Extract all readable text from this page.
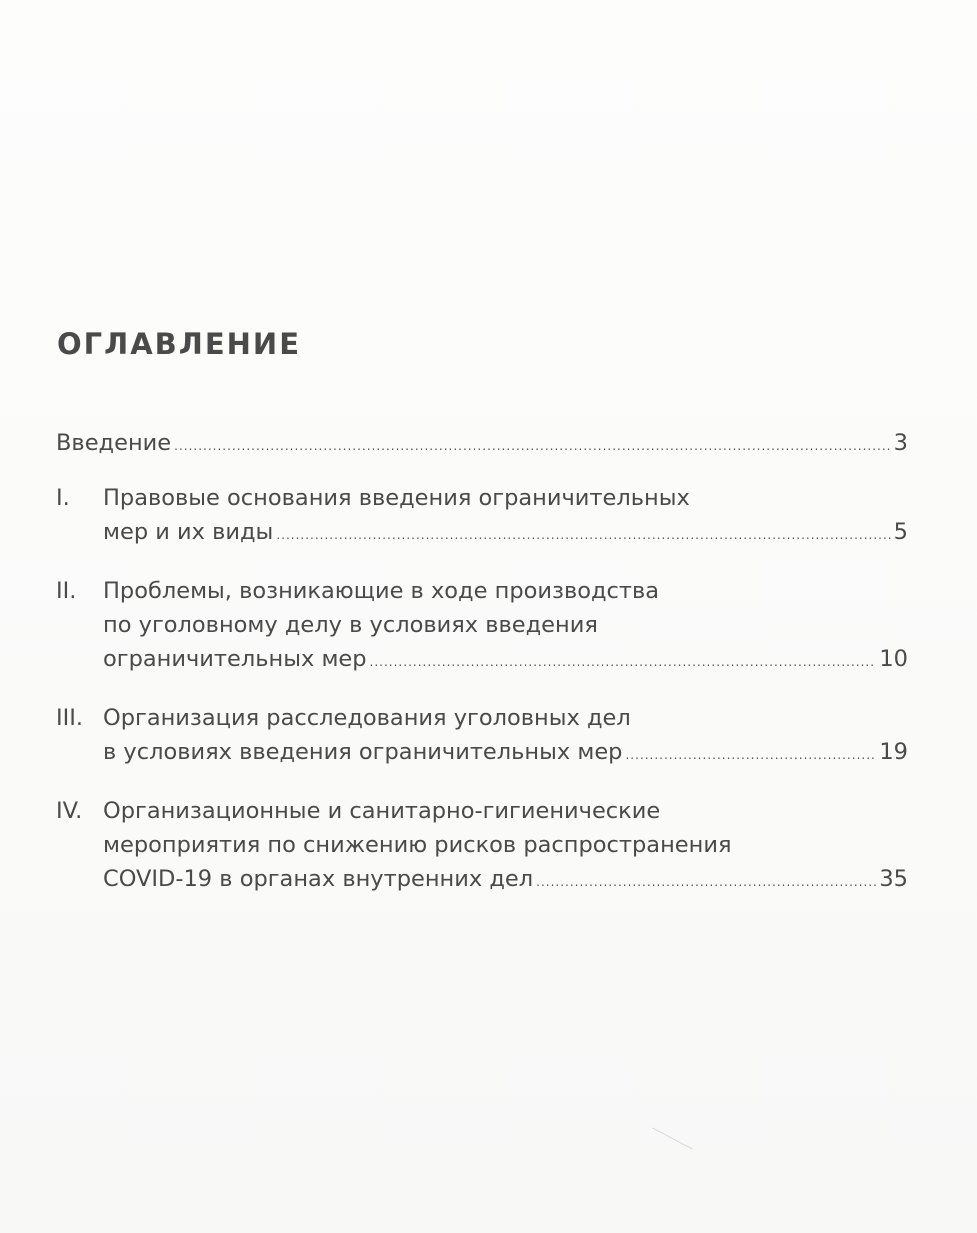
ОГЛАВЛЕНИЕ
Введение .....	3
I. Правовые основания введения ограничительных
мер и их виды .....	5
II. Проблемы, возникающие в ходе производства
по уголовному делу в условиях введения
ограничительных мер .....	10
III. Организация расследования уголовных дел
в условиях введения ограничительных мер .....	19
IV. Организационные и санитарно-гигиенические
мероприятия по снижению рисков распространения
COVID-19 в органах внутренних дел .....	35
